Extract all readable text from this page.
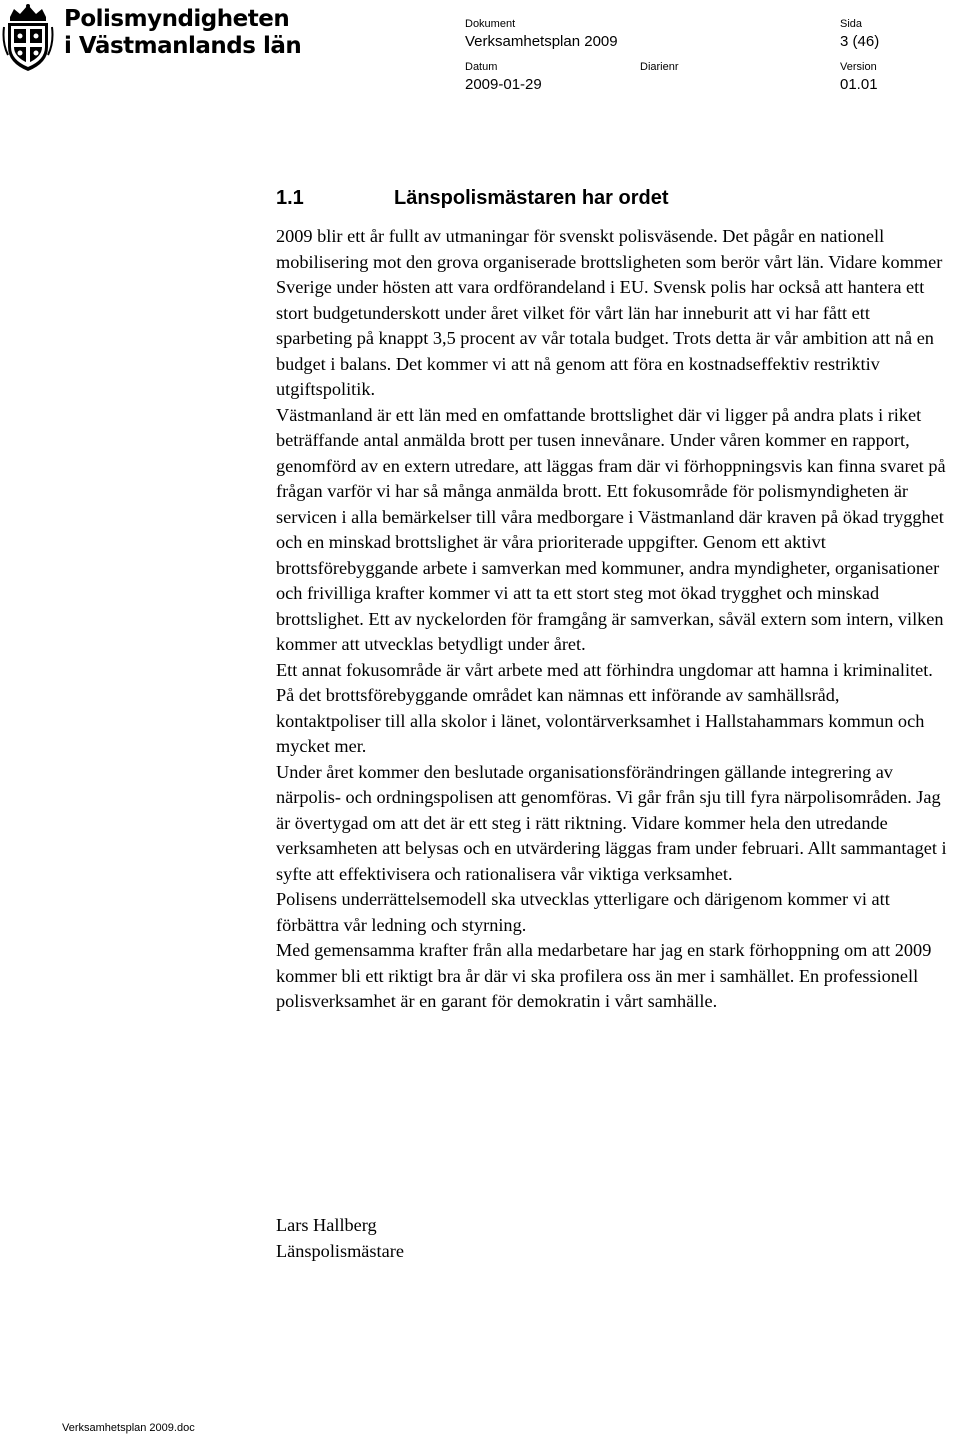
Polismyndigheten
i Västmanlands län
Dokument
Verksamhetsplan 2009
Sida
3 (46)
Datum
2009-01-29
Diarienr	Version
01.01
1.1	Länspolismästaren har ordet

2009 blir ett år fullt av utmaningar för svenskt polisväsende. Det pågår en nationell mobilisering mot den grova organiserade brottsligheten som berör vårt län. Vidare kommer Sverige under hösten att vara ordförandeland i EU. Svensk polis har också att hantera ett stort budgetunderskott under året vilket för vårt län har inneburit att vi har fått ett sparbeting på knappt 3,5 procent av vår totala budget. Trots detta är vår ambition att nå en budget i balans. Det kommer vi att nå genom att föra en kostnadseffektiv restriktiv utgiftspolitik.

Västmanland är ett län med en omfattande brottslighet där vi ligger på andra plats i riket beträffande antal anmälda brott per tusen innevånare. Under våren kommer en rapport, genomförd av en extern utredare, att läggas fram där vi förhoppningsvis kan finna svaret på frågan varför vi har så många anmälda brott. Ett fokusområde för polismyndigheten är servicen i alla bemärkelser till våra medborgare i Västmanland där kraven på ökad trygghet och en minskad brottslighet är våra prioriterade uppgifter. Genom ett aktivt brottsförebyggande arbete i samverkan med kommuner, andra myndigheter, organisationer och frivilliga krafter kommer vi att ta ett stort steg mot ökad trygghet och minskad brottslighet. Ett av nyckelorden för framgång är samverkan, såväl extern som intern, vilken kommer att utvecklas betydligt under året.

Ett annat fokusområde är vårt arbete med att förhindra ungdomar att hamna i kriminalitet.

På det brottsförebyggande området kan nämnas ett införande av samhällsråd, kontaktpoliser till alla skolor i länet, volontärverksamhet i Hallstahammars kommun och mycket mer.

Under året kommer den beslutade organisationsförändringen gällande integrering av närpolis- och ordningspolisen att genomföras. Vi går från sju till fyra närpolisområden. Jag är övertygad om att det är ett steg i rätt riktning. Vidare kommer hela den utredande verksamheten att belysas och en utvärdering läggas fram under februari. Allt sammantaget i syfte att effektivisera och rationalisera vår viktiga verksamhet.

Polisens underrättelsemodell ska utvecklas ytterligare och därigenom kommer vi att förbättra vår ledning och styrning.

Med gemensamma krafter från alla medarbetare har jag en stark förhoppning om att 2009 kommer bli ett riktigt bra år där vi ska profilera oss än mer i samhället. En professionell polisverksamhet är en garant för demokratin i vårt samhälle.

Lars Hallberg
Länspolismästare
Verksamhetsplan 2009.doc
